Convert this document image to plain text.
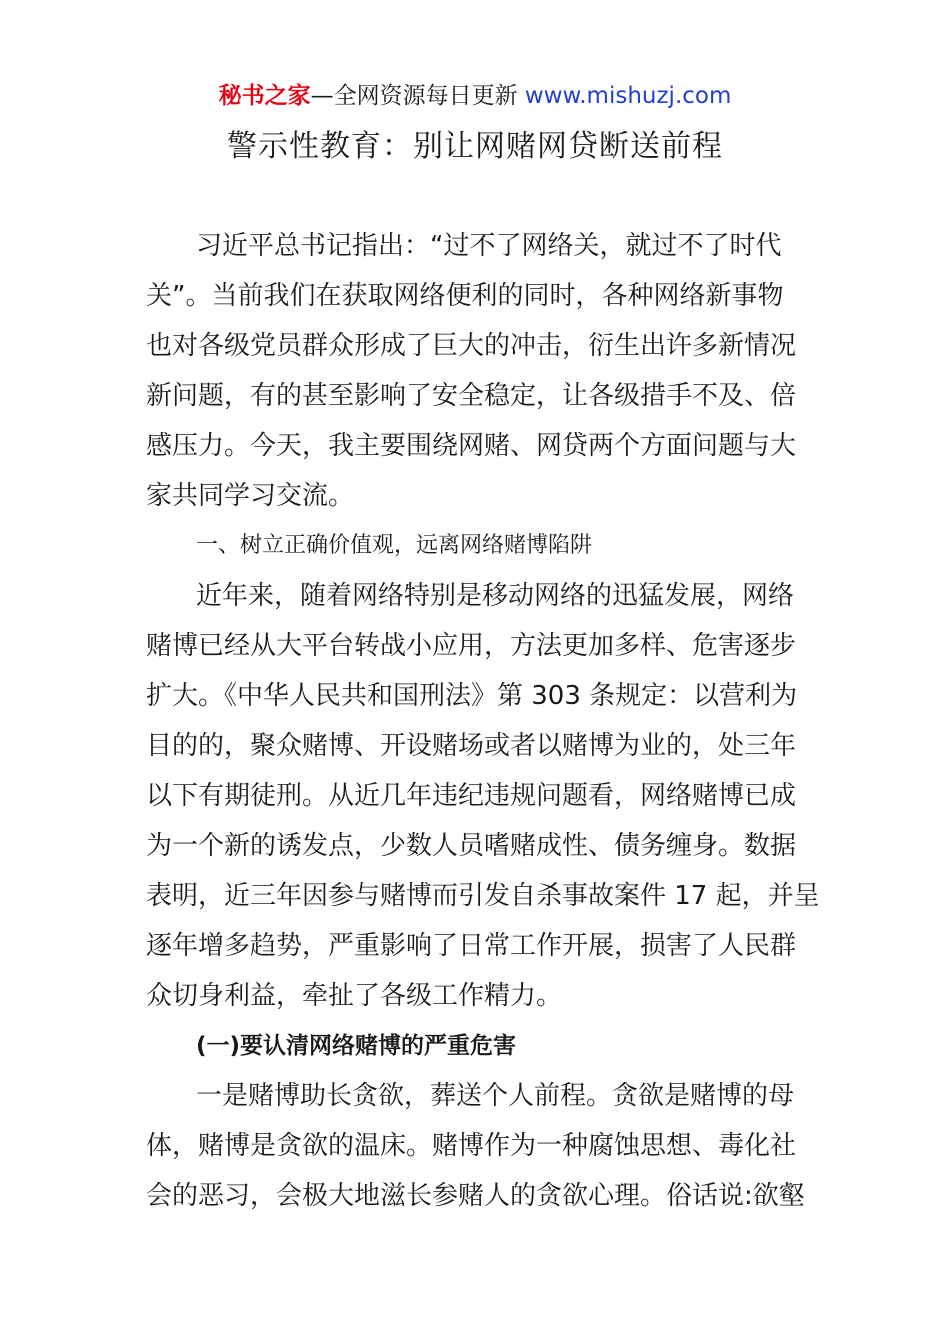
秘书之家—全网资源每日更新 www.mishuzj.com
警示性教育：别让网赌网贷断送前程
习近平总书记指出：“过不了网络关，就过不了时代
关”。当前我们在获取网络便利的同时，各种网络新事物
也对各级党员群众形成了巨大的冲击，衍生出许多新情况
新问题，有的甚至影响了安全稳定，让各级措手不及、倍
感压力。今天，我主要围绕网赌、网贷两个方面问题与大
家共同学习交流。
一、树立正确价值观，远离网络赌博陷阱
近年来，随着网络特别是移动网络的迅猛发展，网络
赌博已经从大平台转战小应用，方法更加多样、危害逐步
扩大。《中华人民共和国刑法》第 303 条规定：以营利为
目的的，聚众赌博、开设赌场或者以赌博为业的，处三年
以下有期徒刑。从近几年违纪违规问题看，网络赌博已成
为一个新的诱发点，少数人员嗜赌成性、债务缠身。数据
表明，近三年因参与赌博而引发自杀事故案件 17 起，并呈
逐年增多趋势，严重影响了日常工作开展，损害了人民群
众切身利益，牵扯了各级工作精力。
(一)要认清网络赌博的严重危害
一是赌博助长贪欲，葬送个人前程。贪欲是赌博的母
体，赌博是贪欲的温床。赌博作为一种腐蚀思想、毒化社
会的恶习，会极大地滋长参赌人的贪欲心理。俗话说:欲壑
